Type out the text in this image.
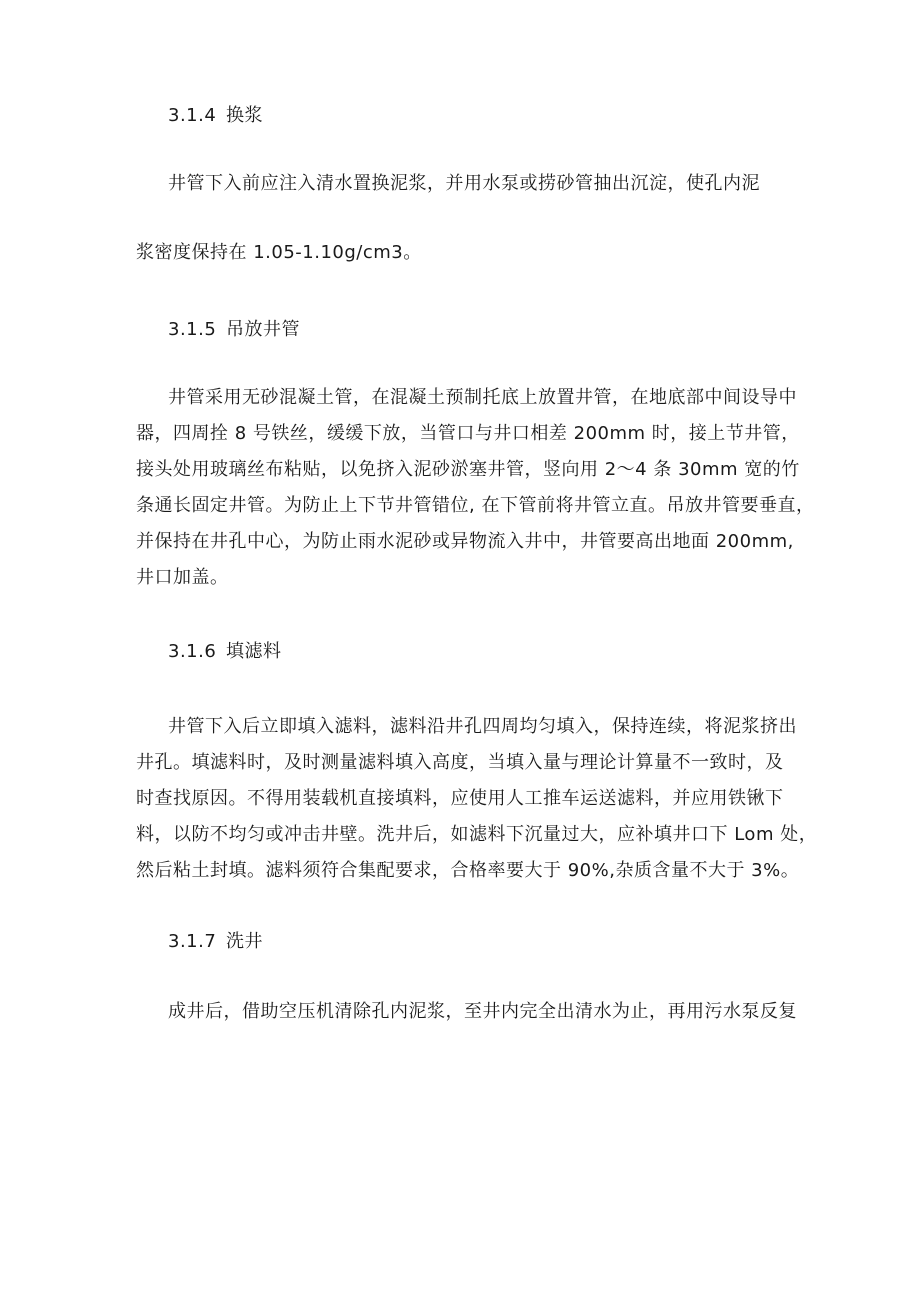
3.1.4 换浆
井管下入前应注入清水置换泥浆，并用水泵或捞砂管抽出沉淀，使孔内泥
浆密度保持在 1.05-1.10g/cm3。
3.1.5 吊放井管
井管采用无砂混凝土管，在混凝土预制托底上放置井管，在地底部中间设导中
器，四周拴 8 号铁丝，缓缓下放，当管口与井口相差 200mm 时，接上节井管，
接头处用玻璃丝布粘贴，以免挤入泥砂淤塞井管，竖向用 2～4 条 30mm 宽的竹
条通长固定井管。为防止上下节井管错位, 在下管前将井管立直。吊放井管要垂直，
并保持在井孔中心，为防止雨水泥砂或异物流入井中，井管要高出地面 200mm,
井口加盖。
3.1.6 填滤料
井管下入后立即填入滤料，滤料沿井孔四周均匀填入，保持连续，将泥浆挤出
井孔。填滤料时，及时测量滤料填入高度，当填入量与理论计算量不一致时，及
时查找原因。不得用装载机直接填料，应使用人工推车运送滤料，并应用铁锹下
料，以防不均匀或冲击井壁。洗井后，如滤料下沉量过大，应补填井口下 Lom 处，
然后粘土封填。滤料须符合集配要求，合格率要大于 90%,杂质含量不大于 3%。
3.1.7 洗井
成井后，借助空压机清除孔内泥浆，至井内完全出清水为止，再用污水泵反复
